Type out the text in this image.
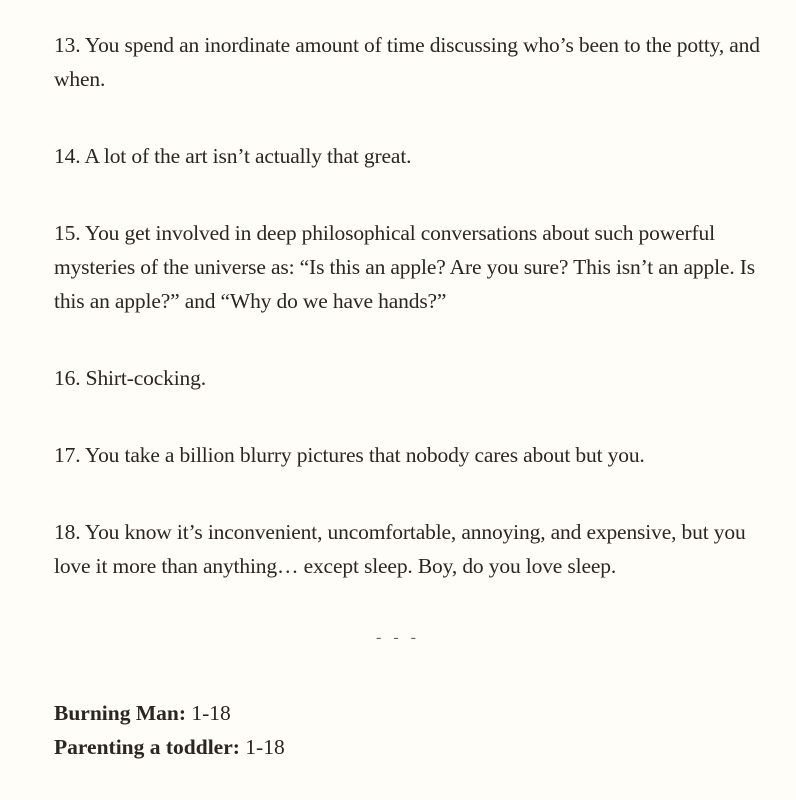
13. You spend an inordinate amount of time discussing who’s been to the potty, and when.

14. A lot of the art isn’t actually that great.

15. You get involved in deep philosophical conversations about such powerful mysteries of the universe as: “Is this an apple? Are you sure? This isn’t an apple. Is this an apple?” and “Why do we have hands?”

16. Shirt-cocking.

17. You take a billion blurry pictures that nobody cares about but you.

18. You know it’s inconvenient, uncomfortable, annoying, and expensive, but you love it more than anything… except sleep. Boy, do you love sleep.

- - -
Burning Man: 1-18
Parenting a toddler: 1-18
